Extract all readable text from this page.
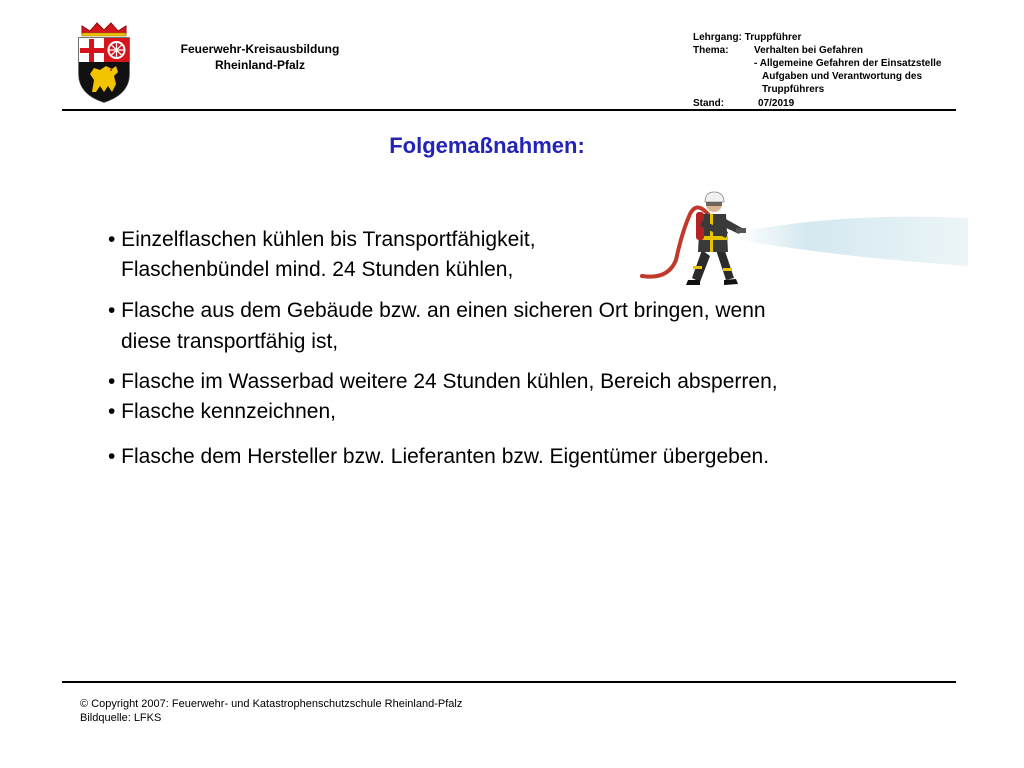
Feuerwehr-Kreisausbildung
Rheinland-Pfalz
Lehrgang: Truppführer
Thema:	Verhalten bei Gefahren
- Allgemeine Gefahren der Einsatzstelle
Aufgaben und Verantwortung des
Truppführers
Stand:	07/2019
Folgemaßnahmen:
• Einzelflaschen kühlen bis Transportfähigkeit,
Flaschenbündel mind. 24 Stunden kühlen,
• Flasche aus dem Gebäude bzw. an einen sicheren Ort bringen, wenn
diese transportfähig ist,
• Flasche im Wasserbad weitere 24 Stunden kühlen, Bereich absperren,
• Flasche kennzeichnen,
• Flasche dem Hersteller bzw. Lieferanten bzw. Eigentümer übergeben.
© Copyright 2007: Feuerwehr- und Katastrophenschutzschule Rheinland-Pfalz
Bildquelle: LFKS
